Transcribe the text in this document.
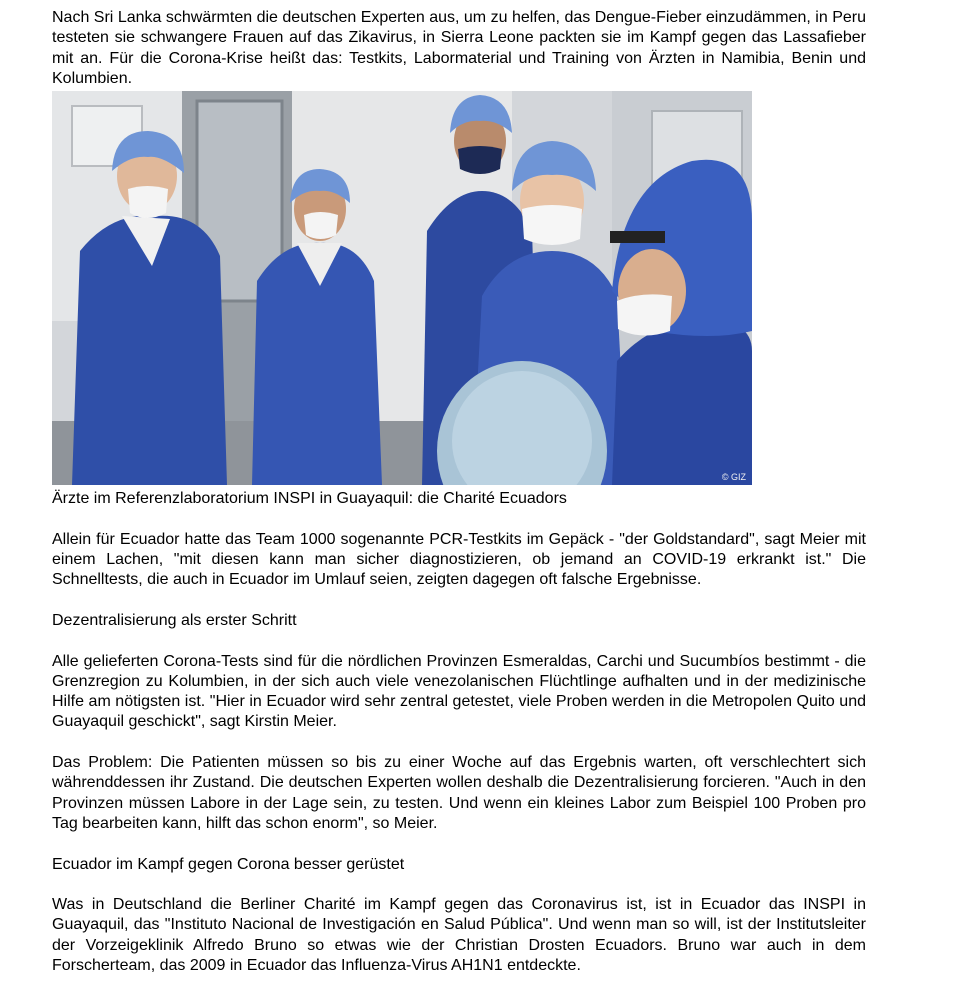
Nach Sri Lanka schwärmten die deutschen Experten aus, um zu helfen, das Dengue-Fieber einzudämmen, in Peru testeten sie schwangere Frauen auf das Zikavirus, in Sierra Leone packten sie im Kampf gegen das Lassafieber mit an. Für die Corona-Krise heißt das: Testkits, Labormaterial und Training von Ärzten in Namibia, Benin und Kolumbien.

© GIZ

Ärzte im Referenzlaboratorium INSPI in Guayaquil: die Charité Ecuadors

Allein für Ecuador hatte das Team 1000 sogenannte PCR-Testkits im Gepäck - "der Goldstandard", sagt Meier mit einem Lachen, "mit diesen kann man sicher diagnostizieren, ob jemand an COVID-19 erkrankt ist." Die Schnelltests, die auch in Ecuador im Umlauf seien, zeigten dagegen oft falsche Ergebnisse.

Dezentralisierung als erster Schritt

Alle gelieferten Corona-Tests sind für die nördlichen Provinzen Esmeraldas, Carchi und Sucumbíos bestimmt - die Grenzregion zu Kolumbien, in der sich auch viele venezolanischen Flüchtlinge aufhalten und in der medizinische Hilfe am nötigsten ist. "Hier in Ecuador wird sehr zentral getestet, viele Proben werden in die Metropolen Quito und Guayaquil geschickt", sagt Kirstin Meier.

Das Problem: Die Patienten müssen so bis zu einer Woche auf das Ergebnis warten, oft verschlechtert sich währenddessen ihr Zustand. Die deutschen Experten wollen deshalb die Dezentralisierung forcieren. "Auch in den Provinzen müssen Labore in der Lage sein, zu testen. Und wenn ein kleines Labor zum Beispiel 100 Proben pro Tag bearbeiten kann, hilft das schon enorm", so Meier.

Ecuador im Kampf gegen Corona besser gerüstet

Was in Deutschland die Berliner Charité im Kampf gegen das Coronavirus ist, ist in Ecuador das INSPI in Guayaquil, das "Instituto Nacional de Investigación en Salud Pública". Und wenn man so will, ist der Institutsleiter der Vorzeigeklinik Alfredo Bruno so etwas wie der Christian Drosten Ecuadors. Bruno war auch in dem Forscherteam, das 2009 in Ecuador das Influenza-Virus AH1N1 entdeckte.
